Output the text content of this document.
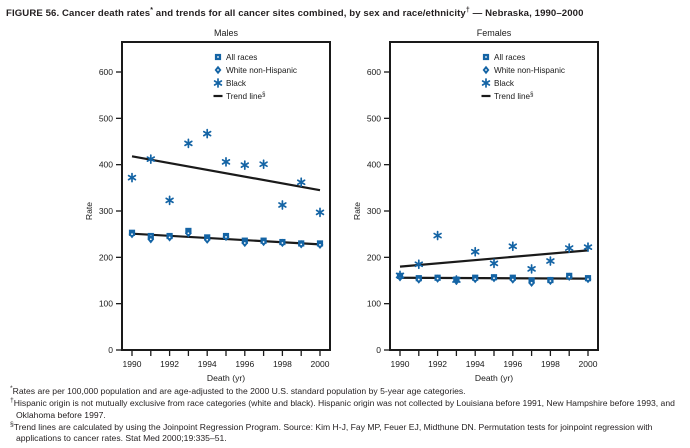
FIGURE 56. Cancer death rates* and trends for all cancer sites combined, by sex and race/ethnicity† — Nebraska, 1990–2000
Males
0
100
200
300
400
500
600
1990 1992 1994 1996 1998 2000
Death (yr)
Rate
All races
White non-Hispanic
Black
Trend line§
Females
0
100
200
300
400
500
600
1990 1992 1994 1996 1998 2000
Death (yr)
Rate
All races
White non-Hispanic
Black
Trend line§
*Rates are per 100,000 population and are age-adjusted to the 2000 U.S. standard population by 5-year age categories.
†Hispanic origin is not mutually exclusive from race categories (white and black). Hispanic origin was not collected by Louisiana before 1991, New Hampshire before 1993, and Oklahoma before 1997.
§Trend lines are calculated by using the Joinpoint Regression Program. Source: Kim H-J, Fay MP, Feuer EJ, Midthune DN. Permutation tests for joinpoint regression with applications to cancer rates. Stat Med 2000;19:335–51.
